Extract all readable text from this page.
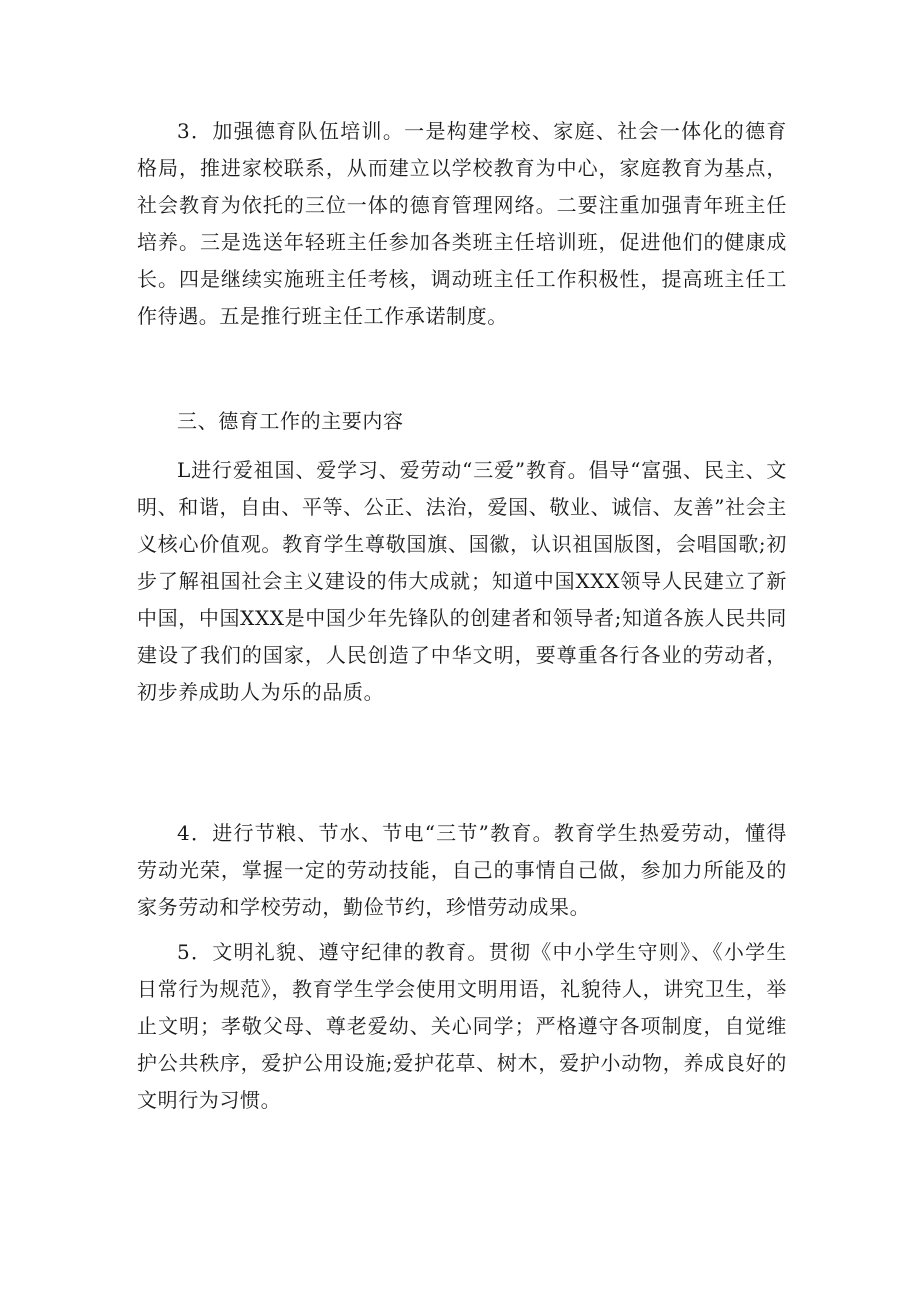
3．加强德育队伍培训。一是构建学校、家庭、社会一体化的德育格局，推进家校联系，从而建立以学校教育为中心，家庭教育为基点，社会教育为依托的三位一体的德育管理网络。二要注重加强青年班主任培养。三是选送年轻班主任参加各类班主任培训班，促进他们的健康成长。四是继续实施班主任考核，调动班主任工作积极性，提高班主任工作待遇。五是推行班主任工作承诺制度。

三、德育工作的主要内容

L进行爱祖国、爱学习、爱劳动“三爱”教育。倡导“富强、民主、文明、和谐，自由、平等、公正、法治，爱国、敬业、诚信、友善”社会主义核心价值观。教育学生尊敬国旗、国徽，认识祖国版图，会唱国歌;初步了解祖国社会主义建设的伟大成就；知道中国XXX领导人民建立了新中国，中国XXX是中国少年先锋队的创建者和领导者;知道各族人民共同建设了我们的国家，人民创造了中华文明，要尊重各行各业的劳动者，初步养成助人为乐的品质。

4．进行节粮、节水、节电“三节”教育。教育学生热爱劳动，懂得劳动光荣，掌握一定的劳动技能，自己的事情自己做，参加力所能及的家务劳动和学校劳动，勤俭节约，珍惜劳动成果。

5．文明礼貌、遵守纪律的教育。贯彻《中小学生守则》、《小学生日常行为规范》，教育学生学会使用文明用语，礼貌待人，讲究卫生，举止文明；孝敬父母、尊老爱幼、关心同学；严格遵守各项制度，自觉维护公共秩序，爱护公用设施;爱护花草、树木，爱护小动物，养成良好的文明行为习惯。
